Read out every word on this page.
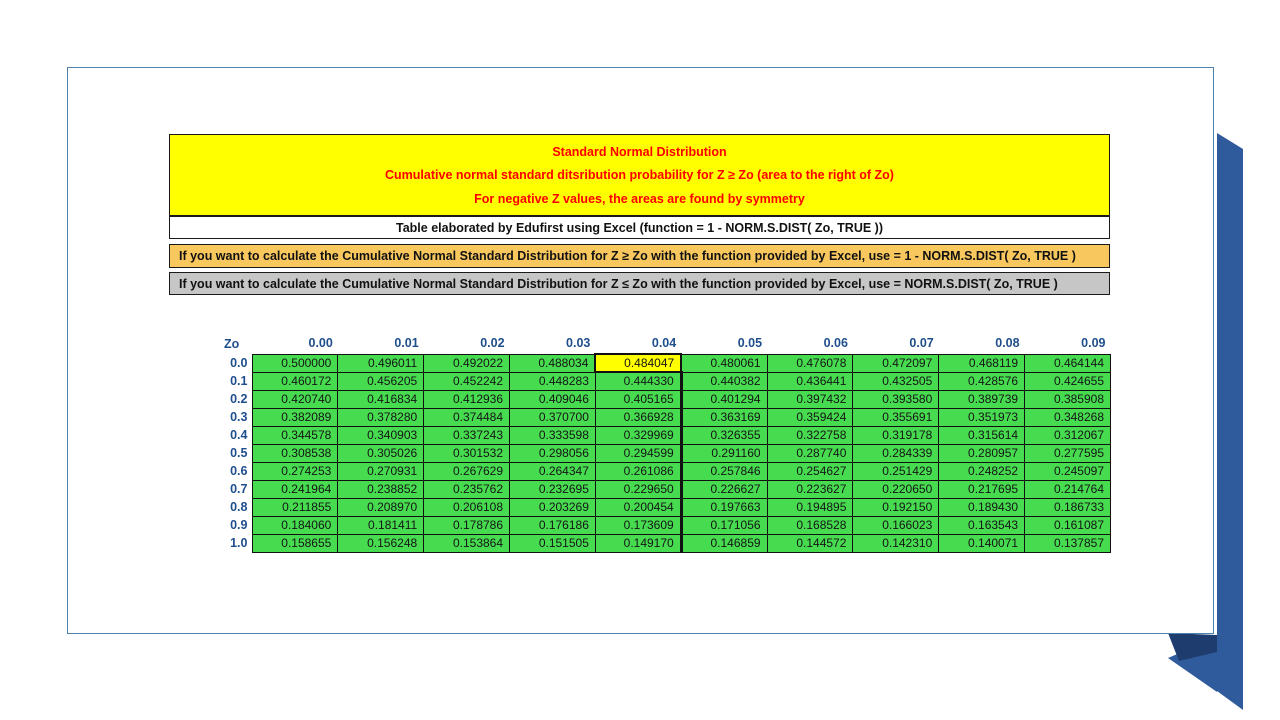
Standard Normal Distribution
Cumulative normal standard ditsribution probability for Z ≥ Zo (area to the right of Zo)
For negative Z values, the areas are found by symmetry
Table elaborated by Edufirst using Excel (function = 1 - NORM.S.DIST( Zo, TRUE ))
If you want to calculate the Cumulative Normal Standard Distribution for Z ≥ Zo with the function provided by Excel, use = 1 - NORM.S.DIST( Zo, TRUE )
If you want to calculate the Cumulative Normal Standard Distribution for Z ≤ Zo with the function provided by Excel, use = NORM.S.DIST( Zo, TRUE )
Zo	0.00	0.01	0.02	0.03	0.04	0.05	0.06	0.07	0.08	0.09
0.0	0.500000	0.496011	0.492022	0.488034	0.484047	0.480061	0.476078	0.472097	0.468119	0.464144
0.1	0.460172	0.456205	0.452242	0.448283	0.444330	0.440382	0.436441	0.432505	0.428576	0.424655
0.2	0.420740	0.416834	0.412936	0.409046	0.405165	0.401294	0.397432	0.393580	0.389739	0.385908
0.3	0.382089	0.378280	0.374484	0.370700	0.366928	0.363169	0.359424	0.355691	0.351973	0.348268
0.4	0.344578	0.340903	0.337243	0.333598	0.329969	0.326355	0.322758	0.319178	0.315614	0.312067
0.5	0.308538	0.305026	0.301532	0.298056	0.294599	0.291160	0.287740	0.284339	0.280957	0.277595
0.6	0.274253	0.270931	0.267629	0.264347	0.261086	0.257846	0.254627	0.251429	0.248252	0.245097
0.7	0.241964	0.238852	0.235762	0.232695	0.229650	0.226627	0.223627	0.220650	0.217695	0.214764
0.8	0.211855	0.208970	0.206108	0.203269	0.200454	0.197663	0.194895	0.192150	0.189430	0.186733
0.9	0.184060	0.181411	0.178786	0.176186	0.173609	0.171056	0.168528	0.166023	0.163543	0.161087
1.0	0.158655	0.156248	0.153864	0.151505	0.149170	0.146859	0.144572	0.142310	0.140071	0.137857
